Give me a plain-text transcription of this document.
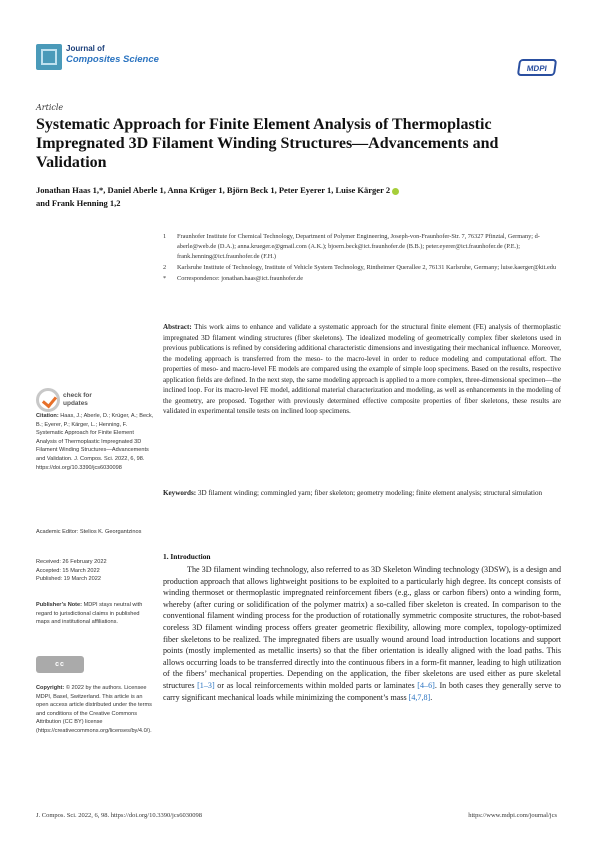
Journal of
Composites Science
MDPI
Article
Systematic Approach for Finite Element Analysis of Thermoplastic Impregnated 3D Filament Winding Structures—Advancements and Validation
Jonathan Haas 1,*, Daniel Aberle 1, Anna Krüger 1, Björn Beck 1, Peter Eyerer 1, Luise Kärger 2
and Frank Henning 1,2
1	Fraunhofer Institute for Chemical Technology, Department of Polymer Engineering, Joseph-von-Fraunhofer-Str. 7, 76327 Pfinztal, Germany; d-aberle@web.de (D.A.); anna.krueger.e@gmail.com (A.K.); bjoern.beck@ict.fraunhofer.de (B.B.); peter.eyerer@ict.fraunhofer.de (P.E.); frank.henning@ict.fraunhofer.de (F.H.)
2	Karlsruhe Institute of Technology, Institute of Vehicle System Technology, Rintheimer Querallee 2, 76131 Karlsruhe, Germany; luise.kaerger@kit.edu
*	Correspondence: jonathan.haas@ict.fraunhofer.de
Abstract: This work aims to enhance and validate a systematic approach for the structural finite element (FE) analysis of thermoplastic impregnated 3D filament winding structures (fiber skeletons). The idealized modeling of geometrically complex fiber skeletons used in previous publications is refined by considering additional characteristic dimensions and investigating their mechanical influence. Moreover, the modeling approach is transferred from the meso- to the macro-level in order to reduce modeling and computational effort. The properties of meso- and macro-level FE models are compared using the example of simple loop specimens. Based on the results, respective application fields are defined. In the next step, the same modeling approach is applied to a more complex, three-dimensional specimen—the inclined loop. For its macro-level FE model, additional material characterization and modeling, as well as enhancements in the modeling of the geometry, are proposed. Together with previously determined effective composite properties of fiber skeletons, these results are validated in experimental tensile tests on inclined loop specimens.
Keywords: 3D filament winding; commingled yarn; fiber skeleton; geometry modeling; finite element analysis; structural simulation
check for updates
Citation: Haas, J.; Aberle, D.; Krüger, A.; Beck, B.; Eyerer, P.; Kärger, L.; Henning, F. Systematic Approach for Finite Element Analysis of Thermoplastic Impregnated 3D Filament Winding Structures—Advancements and Validation. J. Compos. Sci. 2022, 6, 98. https://doi.org/10.3390/jcs6030098
Academic Editor: Stelios K. Georgantzinos
Received: 26 February 2022
Accepted: 15 March 2022
Published: 19 March 2022
Publisher’s Note: MDPI stays neutral with regard to jurisdictional claims in published maps and institutional affiliations.
cc
Copyright: © 2022 by the authors. Licensee MDPI, Basel, Switzerland. This article is an open access article distributed under the terms and conditions of the Creative Commons Attribution (CC BY) license (https://creativecommons.org/licenses/by/4.0/).
1. Introduction
The 3D filament winding technology, also referred to as 3D Skeleton Winding technology (3DSW), is a design and production approach that allows lightweight positions to be exploited to a particularly high degree. Its concept consists of winding thermoset or thermoplastic impregnated reinforcement fibers (e.g., glass or carbon fibers) onto a winding form, whereby (after curing or solidification of the polymer matrix) a so-called fiber skeleton is created. In comparison to the conventional filament winding process for the production of rotationally symmetric composite structures, the robot-based coreless 3D filament winding process offers greater geometric flexibility, allowing more complex, topology-optimized fiber skeletons to be realized. The impregnated fibers are usually wound around load introduction locations and support points (mostly implemented as metallic inserts) so that the fiber orientation is ideally aligned with the load paths. This allows occurring loads to be transferred directly into the continuous fibers in a form-fit manner, leading to high utilization of the fibers’ mechanical properties. Depending on the application, the fiber skeletons are used either as pure skeletal structures [1–3] or as local reinforcements within molded parts or laminates [4–6]. In both cases they generally serve to carry significant mechanical loads while minimizing the component’s mass [4,7,8].
J. Compos. Sci. 2022, 6, 98. https://doi.org/10.3390/jcs6030098	https://www.mdpi.com/journal/jcs
